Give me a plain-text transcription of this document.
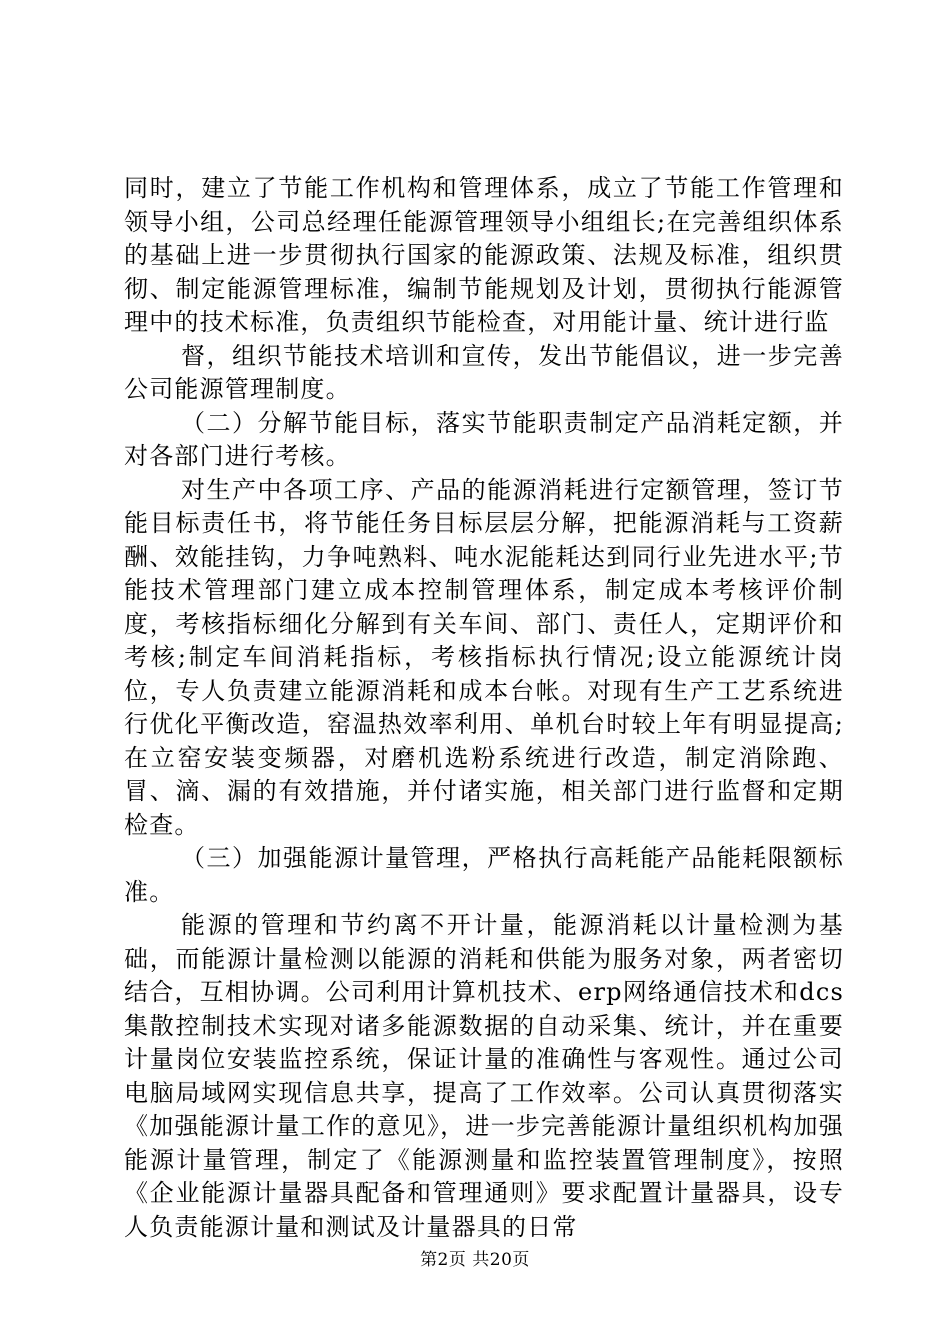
同时，建立了节能工作机构和管理体系，成立了节能工作管理和领导小组，公司总经理任能源管理领导小组组长;在完善组织体系的基础上进一步贯彻执行国家的能源政策、法规及标准，组织贯彻、制定能源管理标准，编制节能规划及计划，贯彻执行能源管理中的技术标准，负责组织节能检查，对用能计量、统计进行监

督，组织节能技术培训和宣传，发出节能倡议，进一步完善公司能源管理制度。

（二）分解节能目标，落实节能职责制定产品消耗定额，并对各部门进行考核。

对生产中各项工序、产品的能源消耗进行定额管理，签订节能目标责任书，将节能任务目标层层分解，把能源消耗与工资薪酬、效能挂钩，力争吨熟料、吨水泥能耗达到同行业先进水平;节能技术管理部门建立成本控制管理体系，制定成本考核评价制度，考核指标细化分解到有关车间、部门、责任人，定期评价和考核;制定车间消耗指标，考核指标执行情况;设立能源统计岗位，专人负责建立能源消耗和成本台帐。对现有生产工艺系统进行优化平衡改造，窑温热效率利用、单机台时较上年有明显提高;在立窑安装变频器，对磨机选粉系统进行改造，制定消除跑、冒、滴、漏的有效措施，并付诸实施，相关部门进行监督和定期检查。

（三）加强能源计量管理，严格执行高耗能产品能耗限额标准。

能源的管理和节约离不开计量，能源消耗以计量检测为基础，而能源计量检测以能源的消耗和供能为服务对象，两者密切结合，互相协调。公司利用计算机技术、erp网络通信技术和dcs集散控制技术实现对诸多能源数据的自动采集、统计，并在重要计量岗位安装监控系统，保证计量的准确性与客观性。通过公司电脑局域网实现信息共享，提高了工作效率。公司认真贯彻落实《加强能源计量工作的意见》，进一步完善能源计量组织机构加强能源计量管理，制定了《能源测量和监控装置管理制度》，按照《企业能源计量器具配备和管理通则》要求配置计量器具，设专人负责能源计量和测试及计量器具的日常

第2页 共20页
